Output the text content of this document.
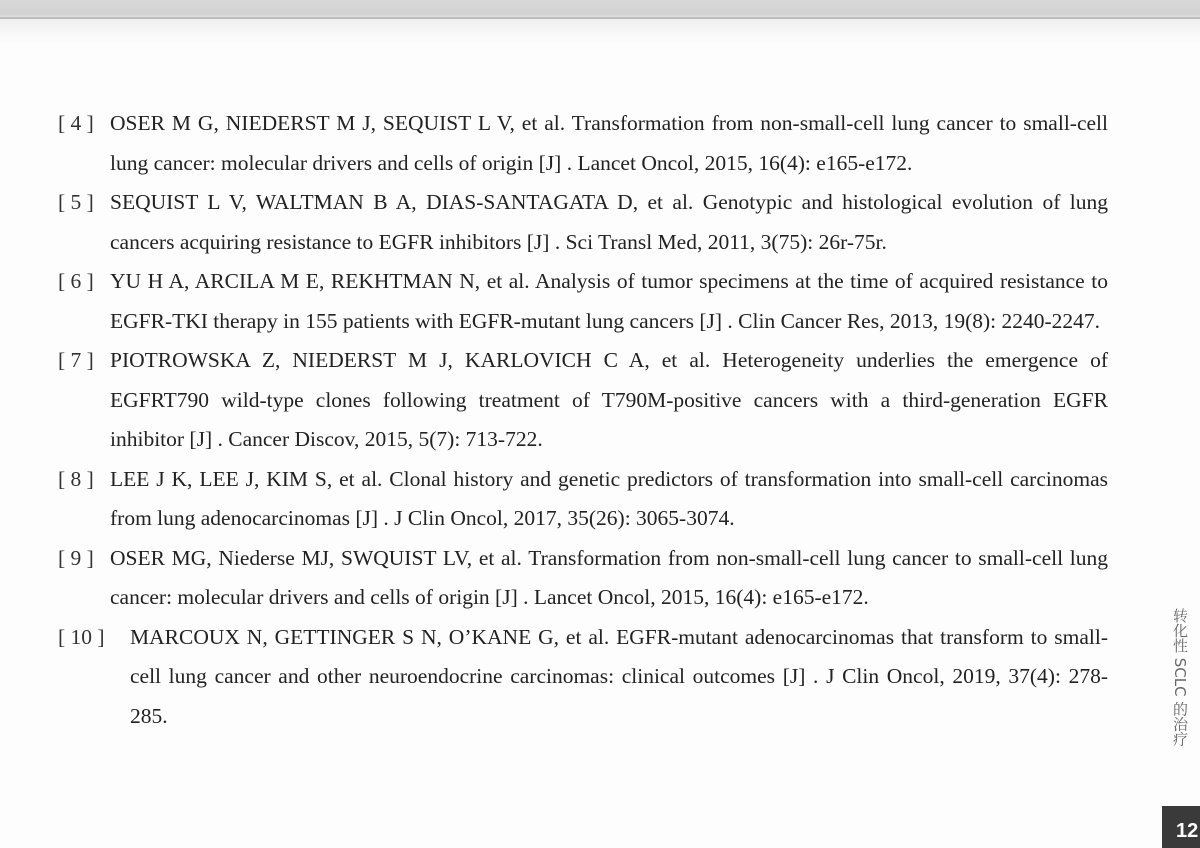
[ 4 ] OSER M G, NIEDERST M J, SEQUIST L V, et al. Transformation from non-small-cell lung cancer to small-cell lung cancer: molecular drivers and cells of origin [J] . Lancet Oncol, 2015, 16(4): e165-e172.
[ 5 ] SEQUIST L V, WALTMAN B A, DIAS-SANTAGATA D, et al. Genotypic and histological evolution of lung cancers acquiring resistance to EGFR inhibitors [J] . Sci Transl Med, 2011, 3(75): 26r-75r.
[ 6 ] YU H A, ARCILA M E, REKHTMAN N, et al. Analysis of tumor specimens at the time of acquired resistance to EGFR-TKI therapy in 155 patients with EGFR-mutant lung cancers [J] . Clin Cancer Res, 2013, 19(8): 2240-2247.
[ 7 ] PIOTROWSKA Z, NIEDERST M J, KARLOVICH C A, et al. Heterogeneity underlies the emergence of EGFRT790 wild-type clones following treatment of T790M-positive cancers with a third-generation EGFR inhibitor [J] . Cancer Discov, 2015, 5(7): 713-722.
[ 8 ] LEE J K, LEE J, KIM S, et al. Clonal history and genetic predictors of transformation into small-cell carcinomas from lung adenocarcinomas [J] . J Clin Oncol, 2017, 35(26): 3065-3074.
[ 9 ] OSER MG, Niederse MJ, SWQUIST LV, et al. Transformation from non-small-cell lung cancer to small-cell lung cancer: molecular drivers and cells of origin [J] . Lancet Oncol, 2015, 16(4): e165-e172.
[ 10 ]	MARCOUX N, GETTINGER S N, O’KANE G, et al. EGFR-mutant adenocarcinomas that transform to small-cell lung cancer and other neuroendocrine carcinomas: clinical outcomes [J] . J Clin Oncol, 2019, 37(4): 278-285.	转化性 SCLC 的治疗
12
